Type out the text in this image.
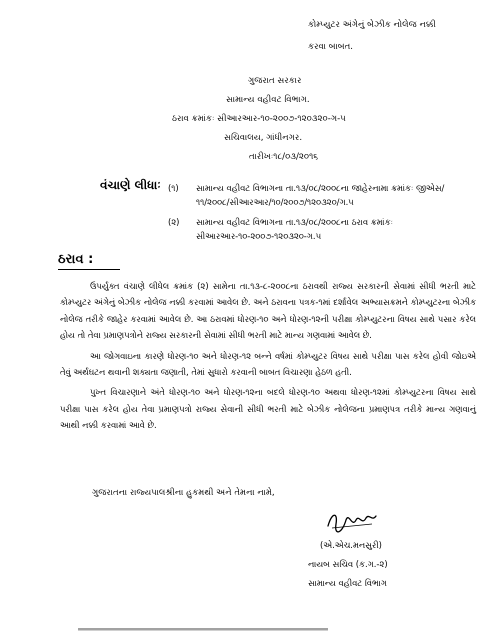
કોમ્પ્યુટર અંગેનું બેઝીક નોલેજ નક્કી
કરવા બાબત.
ગુજરાત સરકાર
સામાન્ય વહીવટ વિભાગ.
ઠરાવ ક્રમાંકઃ સીઆરઆર-૧૦-૨૦૦૭-૧૨૦૩૨૦-ગ-૫
સચિવાલય, ગાંધીનગર.
તારીખઃ૧૮/૦૩/૨૦૧૬
વંચાણે લીધાઃ (૧)	સામાન્ય વહીવટ વિભાગના તા.૧૩/૦૮/૨૦૦૮ના જાહેરનામા ક્રમાંકઃ જીએસ/૧૧/૨૦૦૮/સીઆરઆર/૧૦/૨૦૦૭/૧૨૦૩૨૦/ગ.૫
(૨)	સામાન્ય વહીવટ વિભાગના તા.૧૩/૦૮/૨૦૦૮ના ઠરાવ ક્રમાંકઃ સીઆરઆર-૧૦-૨૦૦૭-૧૨૦૩૨૦-ગ.૫
ઠરાવ :

ઉપર્યુક્ત વંચાણે લીધેલ ક્રમાંક (૨) સામેના તા.૧૩-૮-૨૦૦૮ના ઠરાવથી રાજ્ય સરકારની સેવામાં સીધી ભરતી માટે કોમ્પ્યુટર અંગેનું બેઝીક નોલેજ નક્કી કરવામાં આવેલ છે. અને ઠરાવના પત્રક-૧માં દર્શાવેલ અભ્યાસક્રમને કોમ્પ્યુટરના બેઝીક નોલેજ તરીકે જાહેર કરવામાં આવેલ છે. આ ઠરાવમાં ધોરણ-૧૦ અને ધોરણ-૧૨ની પરીક્ષા કોમ્પ્યુટરના વિષય સાથે પસાર કરેલ હોય તો તેવા પ્રમાણપત્રોને રાજ્ય સરકારની સેવામાં સીધી ભરતી માટે માન્ય ગણવામાં આવેલ છે.

આ જોગવાઇના કારણે ધોરણ-૧૦ અને ધોરણ-૧૨ બન્ને વર્ષમાં કોમ્પ્યુટર વિષય સાથે પરીક્ષા પાસ કરેલ હોવી જોઇએ તેવું અર્થઘટન થવાની શક્યતા જણાતી, તેમાં સુધારો કરવાની બાબત વિચારણા હેઠળ હતી.

પુખ્ત વિચારણાને અંતે ધોરણ-૧૦ અને ધોરણ-૧૨ના બદલે ધોરણ-૧૦ અથવા ધોરણ-૧૨માં કોમ્પ્યુટરના વિષય સાથે પરીક્ષા પાસ કરેલ હોય તેવા પ્રમાણપત્રો રાજ્ય સેવાની સીધી ભરતી માટે બેઝીક નોલેજના પ્રમાણપત્ર તરીકે માન્ય ગણવાનું આથી નક્કી કરવામાં આવે છે.

ગુજરાતના રાજ્યપાલશ્રીના હુકમથી અને તેમના નામે,
(એ.એચ.મનસુરી)
નાયબ સચિવ (ક.ગ.-૨)
સામાન્ય વહીવટ વિભાગ
